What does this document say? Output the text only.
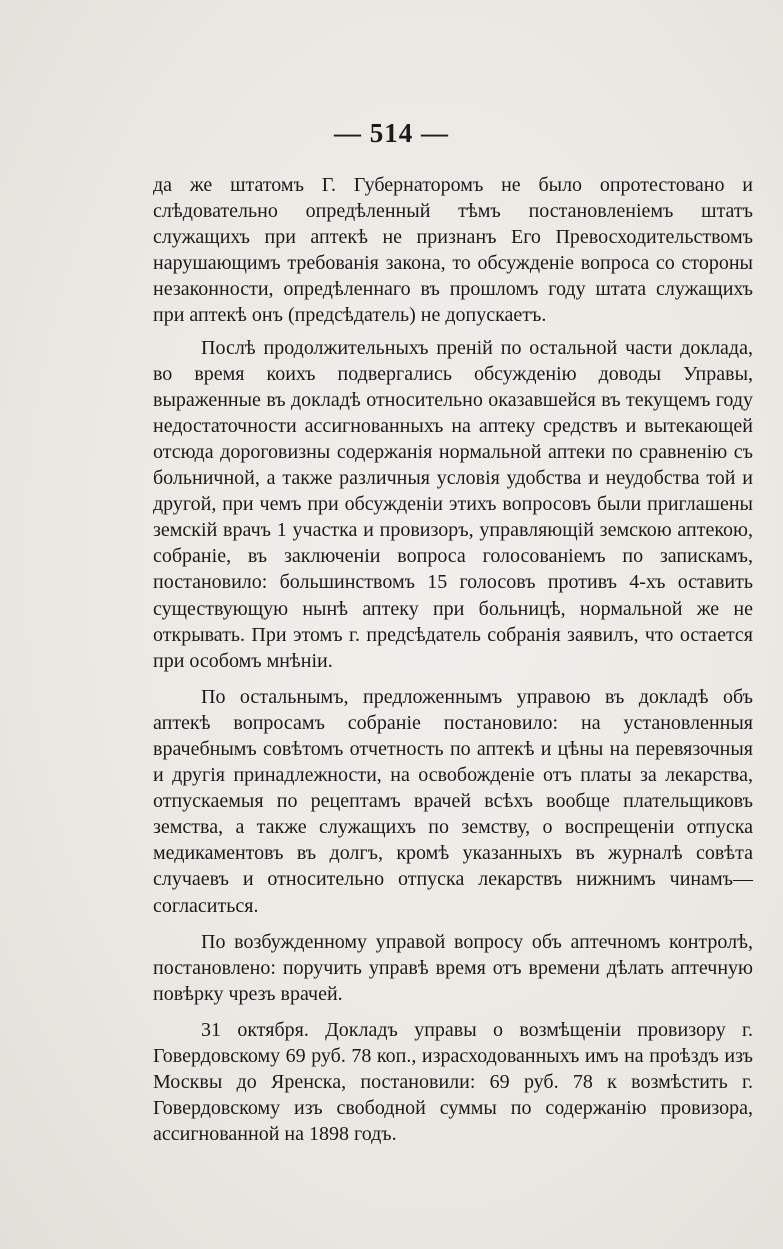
— 514 —

да же штатомъ Г. Губернаторомъ не было опротестовано и слѣдовательно опредѣленный тѣмъ постановленіемъ штатъ служащихъ при аптекѣ не признанъ Его Превосходительствомъ нарушающимъ требованія закона, то обсужденіе вопроса со стороны незаконности, опредѣленнаго въ прошломъ году штата служащихъ при аптекѣ онъ (предсѣдатель) не допускаетъ.

Послѣ продолжительныхъ преній по остальной части доклада, во время коихъ подвергались обсужденію доводы Управы, выраженные въ докладѣ относительно оказавшейся въ текущемъ году недостаточности ассигнованныхъ на аптеку средствъ и вытекающей отсюда дороговизны содержанія нормальной аптеки по сравненію съ больничной, а также различныя условія удобства и неудобства той и другой, при чемъ при обсужденіи этихъ вопросовъ были приглашены земскій врачъ 1 участка и провизоръ, управляющій земскою аптекою, собраніе, въ заключеніи вопроса голосованіемъ по запискамъ, постановило: большинствомъ 15 голосовъ противъ 4-хъ оставить существующую нынѣ аптеку при больницѣ, нормальной же не открывать. При этомъ г. предсѣдатель собранія заявилъ, что остается при особомъ мнѣніи.

По остальнымъ, предложеннымъ управою въ докладѣ объ аптекѣ вопросамъ собраніе постановило: на установленныя врачебнымъ совѣтомъ отчетность по аптекѣ и цѣны на перевязочныя и другія принадлежности, на освобожденіе отъ платы за лекарства, отпускаемыя по рецептамъ врачей всѣхъ вообще плательщиковъ земства, а также служащихъ по земству, о воспрещеніи отпуска медикаментовъ въ долгъ, кромѣ указанныхъ въ журналѣ совѣта случаевъ и относительно отпуска лекарствъ нижнимъ чинамъ—согласиться.

По возбужденному управой вопросу объ аптечномъ контролѣ, постановлено: поручить управѣ время отъ времени дѣлать аптечную повѣрку чрезъ врачей.

31 октября. Докладъ управы о возмѣщеніи провизору г. Говердовскому 69 руб. 78 коп., израсходованныхъ имъ на проѣздъ изъ Москвы до Яренска, постановили: 69 руб. 78 к возмѣстить г. Говердовскому изъ свободной суммы по содержанію провизора, ассигнованной на 1898 годъ.
